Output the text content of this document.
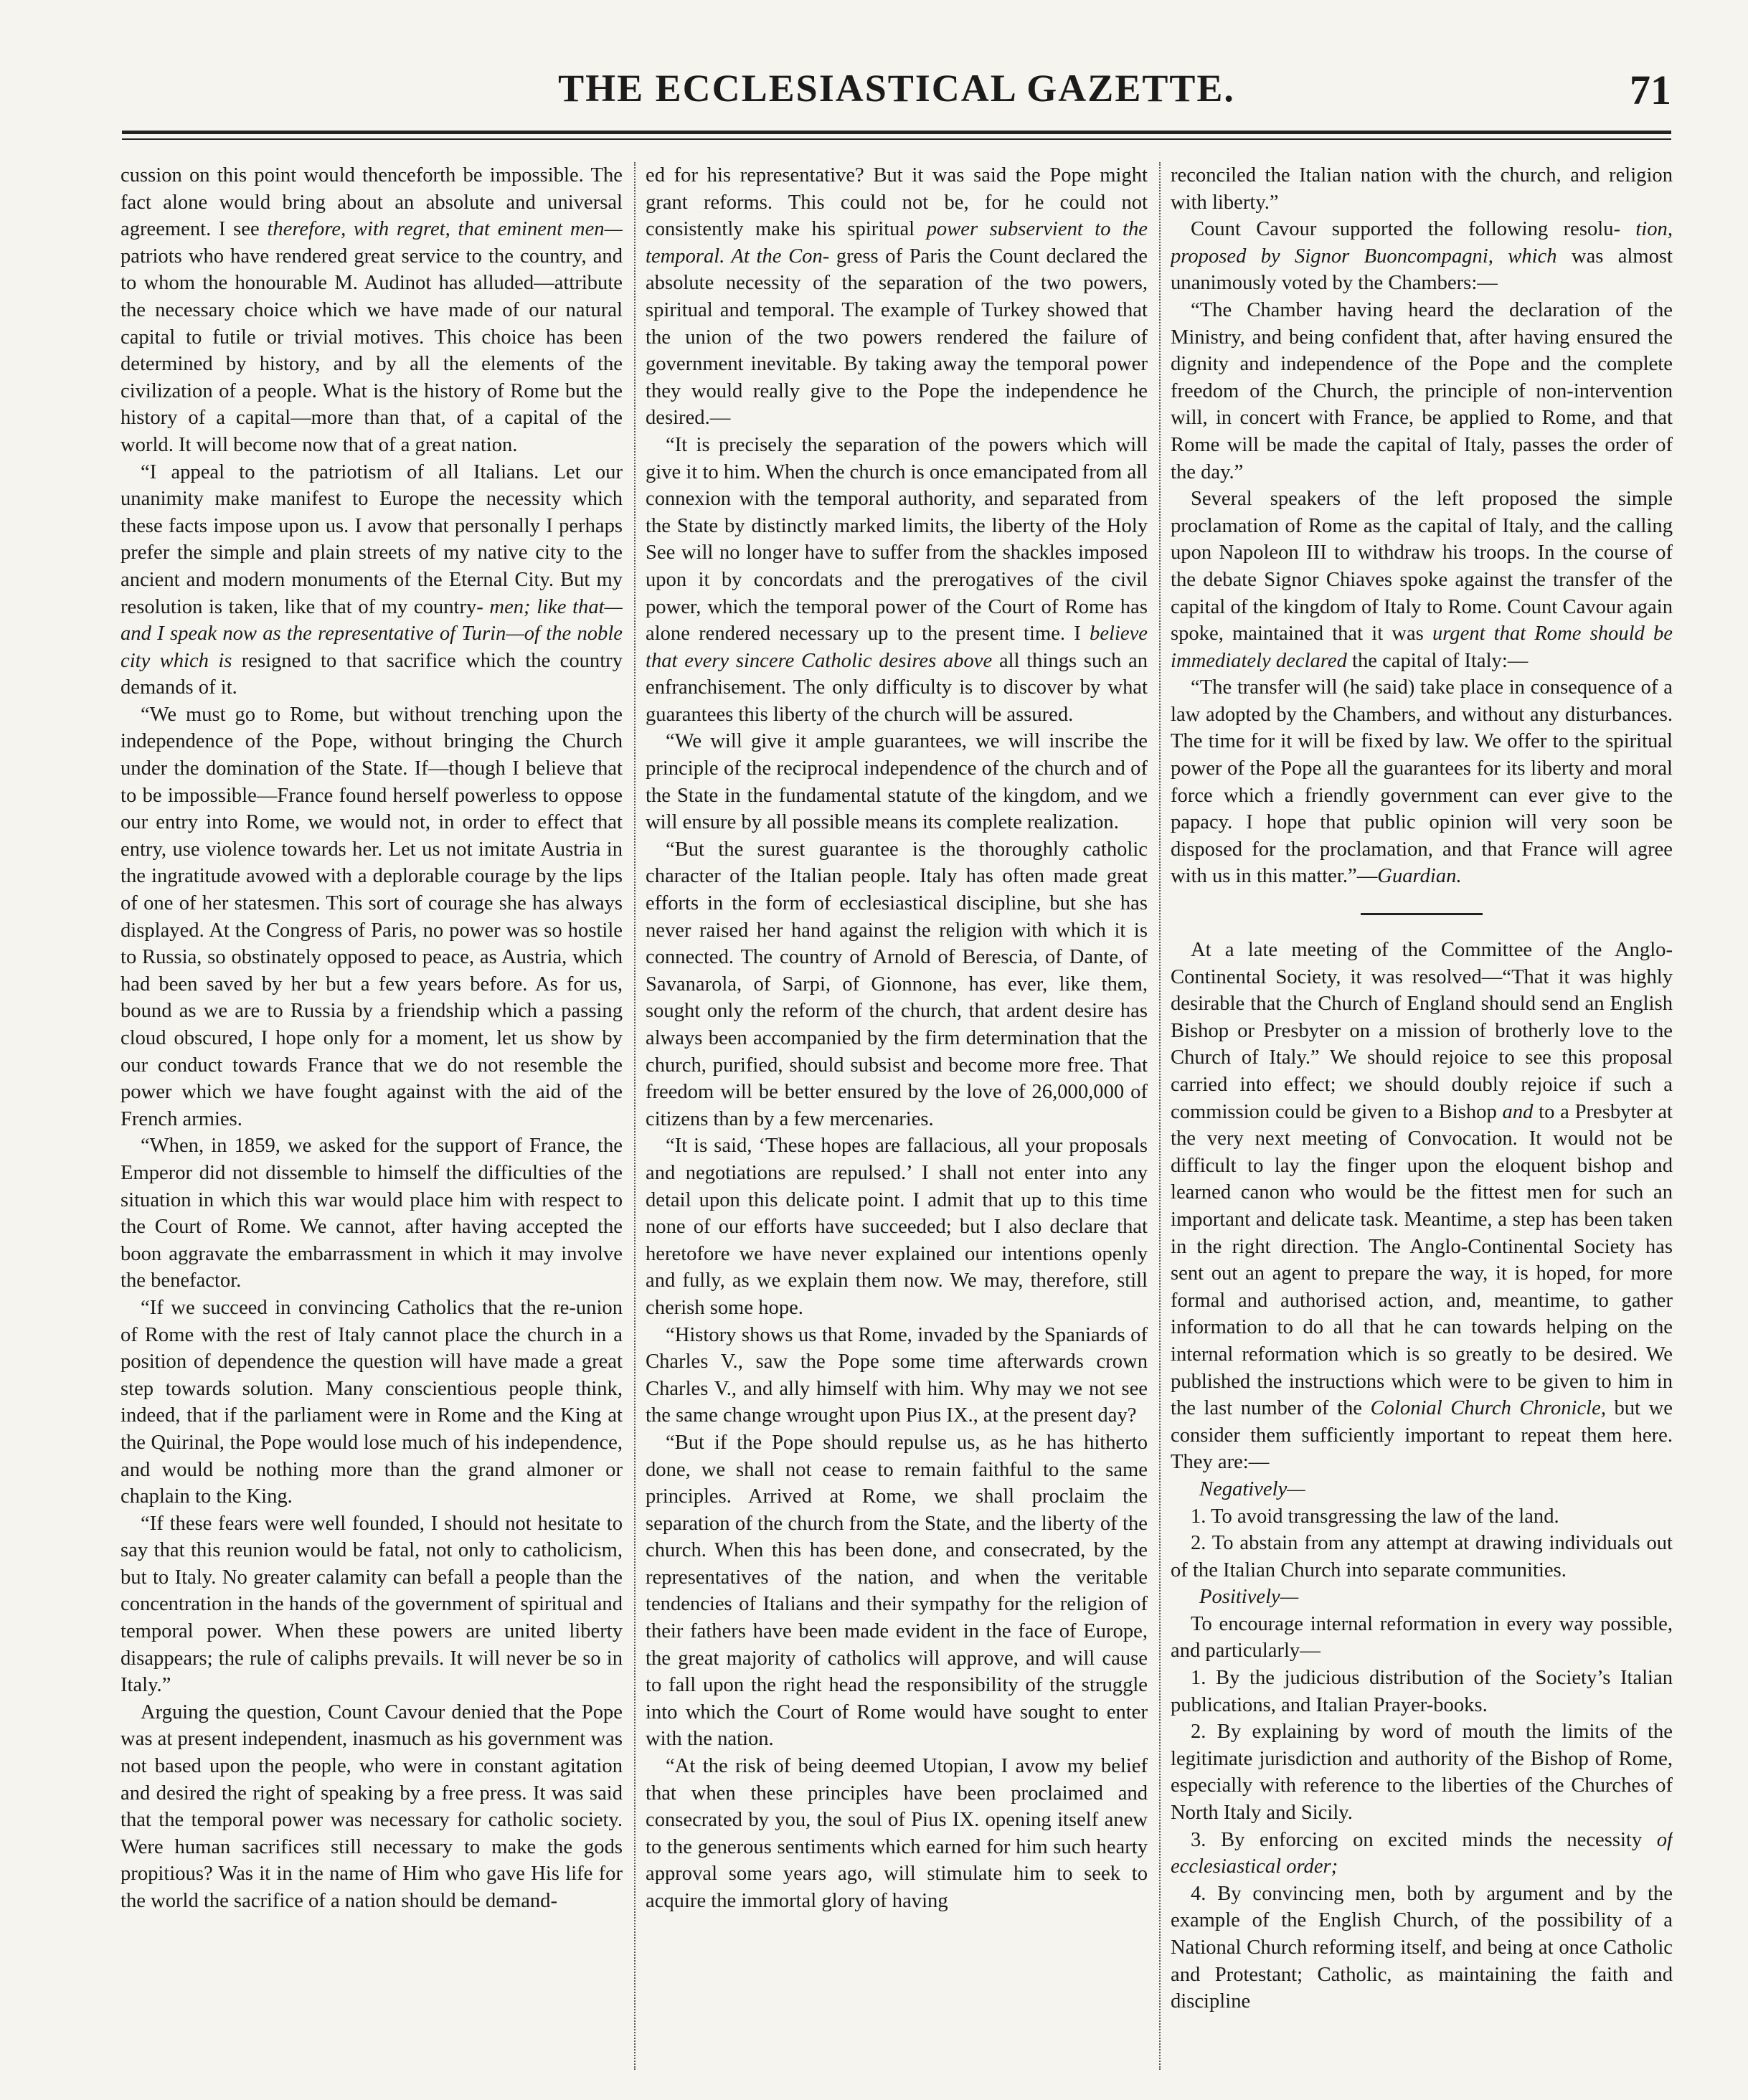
THE ECCLESIASTICAL GAZETTE.	71

cussion on this point would thenceforth be impossible. The fact alone would bring about an absolute and universal agreement. I see therefore, with regret, that eminent men— patriots who have rendered great service to the country, and to whom the honourable M. Audinot has alluded—attribute the necessary choice which we have made of our natural capital to futile or trivial motives. This choice has been determined by history, and by all the elements of the civilization of a people. What is the history of Rome but the history of a capital—more than that, of a capital of the world. It will become now that of a great nation.

“I appeal to the patriotism of all Italians. Let our unanimity make manifest to Europe the necessity which these facts impose upon us. I avow that personally I perhaps prefer the simple and plain streets of my native city to the ancient and modern monuments of the Eternal City. But my resolution is taken, like that of my country- men; like that—and I speak now as the representative of Turin—of the noble city which is resigned to that sacrifice which the country demands of it.

“We must go to Rome, but without trenching upon the independence of the Pope, without bringing the Church under the domination of the State. If—though I believe that to be impossible—France found herself powerless to oppose our entry into Rome, we would not, in order to effect that entry, use violence towards her. Let us not imitate Austria in the ingratitude avowed with a deplorable courage by the lips of one of her statesmen. This sort of courage she has always displayed. At the Congress of Paris, no power was so hostile to Russia, so obstinately opposed to peace, as Austria, which had been saved by her but a few years before. As for us, bound as we are to Russia by a friendship which a passing cloud obscured, I hope only for a moment, let us show by our conduct towards France that we do not resemble the power which we have fought against with the aid of the French armies.

“When, in 1859, we asked for the support of France, the Emperor did not dissemble to himself the difficulties of the situation in which this war would place him with respect to the Court of Rome. We cannot, after having accepted the boon aggravate the embarrassment in which it may involve the benefactor.

“If we succeed in convincing Catholics that the re-union of Rome with the rest of Italy cannot place the church in a position of dependence the question will have made a great step towards solution. Many conscientious people think, indeed, that if the parliament were in Rome and the King at the Quirinal, the Pope would lose much of his independence, and would be nothing more than the grand almoner or chaplain to the King.

“If these fears were well founded, I should not hesitate to say that this reunion would be fatal, not only to catholicism, but to Italy. No greater calamity can befall a people than the concentration in the hands of the government of spiritual and temporal power. When these powers are united liberty disappears; the rule of caliphs prevails. It will never be so in Italy.”

Arguing the question, Count Cavour denied that the Pope was at present independent, inasmuch as his government was not based upon the people, who were in constant agitation and desired the right of speaking by a free press. It was said that the temporal power was necessary for catholic society. Were human sacrifices still necessary to make the gods propitious? Was it in the name of Him who gave His life for the world the sacrifice of a nation should be demand-

ed for his representative? But it was said the Pope might grant reforms. This could not be, for he could not consistently make his spiritual power subservient to the temporal. At the Con- gress of Paris the Count declared the absolute necessity of the separation of the two powers, spiritual and temporal. The example of Turkey showed that the union of the two powers rendered the failure of government inevitable. By taking away the temporal power they would really give to the Pope the independence he desired.—

“It is precisely the separation of the powers which will give it to him. When the church is once emancipated from all connexion with the temporal authority, and separated from the State by distinctly marked limits, the liberty of the Holy See will no longer have to suffer from the shackles imposed upon it by concordats and the prerogatives of the civil power, which the temporal power of the Court of Rome has alone rendered necessary up to the present time. I believe that every sincere Catholic desires above all things such an enfranchisement. The only difficulty is to discover by what guarantees this liberty of the church will be assured.

“We will give it ample guarantees, we will inscribe the principle of the reciprocal independence of the church and of the State in the fundamental statute of the kingdom, and we will ensure by all possible means its complete realization.

“But the surest guarantee is the thoroughly catholic character of the Italian people. Italy has often made great efforts in the form of ecclesiastical discipline, but she has never raised her hand against the religion with which it is connected. The country of Arnold of Berescia, of Dante, of Savanarola, of Sarpi, of Gionnone, has ever, like them, sought only the reform of the church, that ardent desire has always been accompanied by the firm determination that the church, purified, should subsist and become more free. That freedom will be better ensured by the love of 26,000,000 of citizens than by a few mercenaries.

“It is said, ‘These hopes are fallacious, all your proposals and negotiations are repulsed.’ I shall not enter into any detail upon this delicate point. I admit that up to this time none of our efforts have succeeded; but I also declare that heretofore we have never explained our intentions openly and fully, as we explain them now. We may, therefore, still cherish some hope.

“History shows us that Rome, invaded by the Spaniards of Charles V., saw the Pope some time afterwards crown Charles V., and ally himself with him. Why may we not see the same change wrought upon Pius IX., at the present day?

“But if the Pope should repulse us, as he has hitherto done, we shall not cease to remain faithful to the same principles. Arrived at Rome, we shall proclaim the separation of the church from the State, and the liberty of the church. When this has been done, and consecrated, by the representatives of the nation, and when the veritable tendencies of Italians and their sympathy for the religion of their fathers have been made evident in the face of Europe, the great majority of catholics will approve, and will cause to fall upon the right head the responsibility of the struggle into which the Court of Rome would have sought to enter with the nation.

“At the risk of being deemed Utopian, I avow my belief that when these principles have been proclaimed and consecrated by you, the soul of Pius IX. opening itself anew to the generous sentiments which earned for him such hearty approval some years ago, will stimulate him to seek to acquire the immortal glory of having

reconciled the Italian nation with the church, and religion with liberty.”

Count Cavour supported the following resolu- tion, proposed by Signor Buoncompagni, which was almost unanimously voted by the Chambers:—

“The Chamber having heard the declaration of the Ministry, and being confident that, after having ensured the dignity and independence of the Pope and the complete freedom of the Church, the principle of non-intervention will, in concert with France, be applied to Rome, and that Rome will be made the capital of Italy, passes the order of the day.”

Several speakers of the left proposed the simple proclamation of Rome as the capital of Italy, and the calling upon Napoleon III to withdraw his troops. In the course of the debate Signor Chiaves spoke against the transfer of the capital of the kingdom of Italy to Rome. Count Cavour again spoke, maintained that it was urgent that Rome should be immediately declared the capital of Italy:—

“The transfer will (he said) take place in consequence of a law adopted by the Chambers, and without any disturbances. The time for it will be fixed by law. We offer to the spiritual power of the Pope all the guarantees for its liberty and moral force which a friendly government can ever give to the papacy. I hope that public opinion will very soon be disposed for the proclamation, and that France will agree with us in this matter.”—Guardian.

At a late meeting of the Committee of the Anglo-Continental Society, it was resolved—“That it was highly desirable that the Church of England should send an English Bishop or Presbyter on a mission of brotherly love to the Church of Italy.” We should rejoice to see this proposal carried into effect; we should doubly rejoice if such a commission could be given to a Bishop and to a Presbyter at the very next meeting of Convocation. It would not be difficult to lay the finger upon the eloquent bishop and learned canon who would be the fittest men for such an important and delicate task. Meantime, a step has been taken in the right direction. The Anglo-Continental Society has sent out an agent to prepare the way, it is hoped, for more formal and authorised action, and, meantime, to gather information to do all that he can towards helping on the internal reformation which is so greatly to be desired. We published the instructions which were to be given to him in the last number of the Colonial Church Chronicle, but we consider them sufficiently important to repeat them here. They are:—

Negatively—

1. To avoid transgressing the law of the land.

2. To abstain from any attempt at drawing individuals out of the Italian Church into separate communities.

Positively—

To encourage internal reformation in every way possible, and particularly—

1. By the judicious distribution of the Society’s Italian publications, and Italian Prayer-books.

2. By explaining by word of mouth the limits of the legitimate jurisdiction and authority of the Bishop of Rome, especially with reference to the liberties of the Churches of North Italy and Sicily.

3. By enforcing on excited minds the necessity of ecclesiastical order;

4. By convincing men, both by argument and by the example of the English Church, of the possibility of a National Church reforming itself, and being at once Catholic and Protestant; Catholic, as maintaining the faith and discipline
